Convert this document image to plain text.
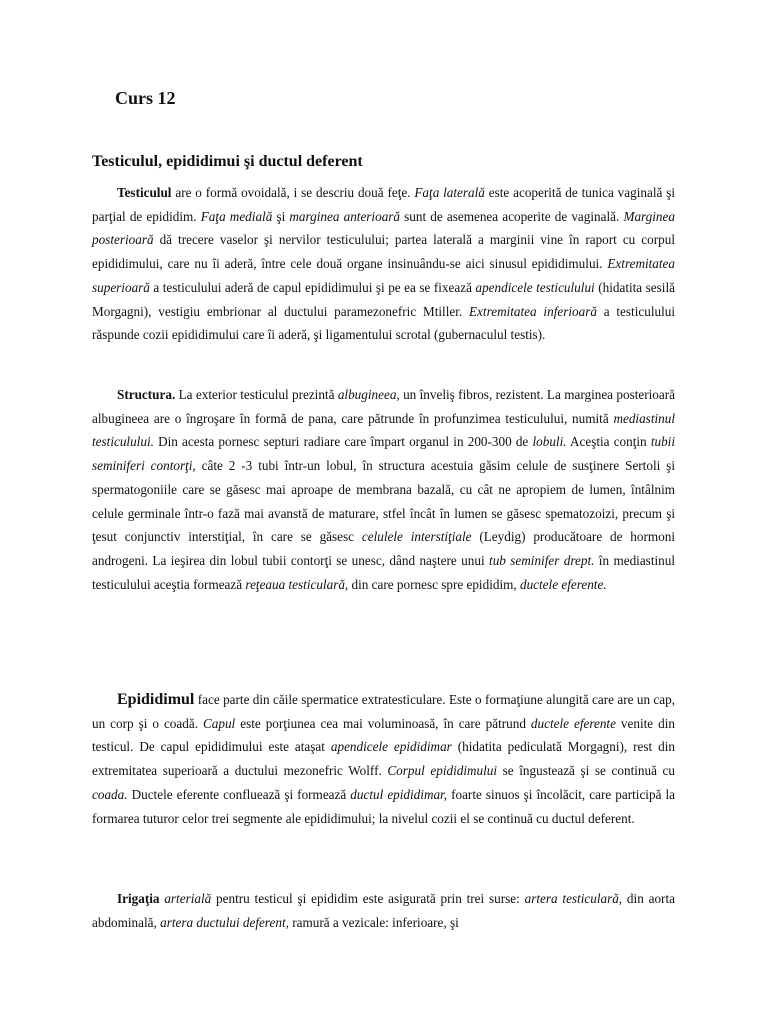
Curs 12
Testiculul, epididimui şi ductul deferent

Testiculul are o formă ovoidală, i se descriu două feţe. Faţa laterală este acoperită de tunica vaginală şi parţial de epididim. Faţa medială şi marginea anterioară sunt de asemenea acoperite de vaginală. Marginea posterioară dă trecere vaselor şi nervilor testiculului; partea laterală a marginii vine în raport cu corpul epididimului, care nu îi aderă, între cele două organe insinuându-se aici sinusul epididimului. Extremitatea superioară a testiculului aderă de capul epididimului şi pe ea se fixează apendicele testiculului (hidatita sesilă Morgagni), vestigiu embrionar al ductului paramezonefric Mtiller. Extremitatea inferioară a testiculului răspunde cozii epididimului care îi aderă, şi ligamentului scrotal (gubernaculul testis).

Structura. La exterior testiculul prezintă albugineea, un înveliş fibros, rezistent. La marginea posterioară albugineea are o îngroşare în formă de pana, care pătrunde în profunzimea testiculului, numită mediastinul testiculului. Din acesta pornesc septuri radiare care împart organul in 200-300 de lobuli. Aceştia conţin tubii seminiferi contorţi, câte 2 -3 tubi într-un lobul, în structura acestuia găsim celule de susţinere Sertoli şi spermatogoniile care se găsesc mai aproape de membrana bazală, cu cât ne apropiem de lumen, întâlnim celule germinale într-o fază mai avanstă de maturare, stfel încât în lumen se găsesc spematozoizi, precum şi ţesut conjunctiv interstiţial, în care se găsesc celulele interstiţiale (Leydig) producătoare de hormoni androgeni. La ieşirea din lobul tubii contorţi se unesc, dând naştere unui tub seminifer drept. în mediastinul testiculului aceştia formează reţeaua testiculară, din care pornesc spre epididim, ductele eferente.

Epididimul face parte din căile spermatice extratesticulare. Este o formaţiune alungită care are un cap, un corp şi o coadă. Capul este porţiunea cea mai voluminoasă, în care pătrund ductele eferente venite din testicul. De capul epididimului este ataşat apendicele epididimar (hidatita pediculată Morgagni), rest din extremitatea superioară a ductului mezonefric Wolff. Corpul epididimului se îngustează şi se continuă cu coada. Ductele eferente confluează şi formează ductul epididimar, foarte sinuos şi încolăcit, care participă la formarea tuturor celor trei segmente ale epididimului; la nivelul cozii el se continuă cu ductul deferent.

Irigaţia arterială pentru testicul şi epididim este asigurată prin trei surse: artera testiculară, din aorta abdominală, artera ductului deferent, ramură a vezicale: inferioare, şi
